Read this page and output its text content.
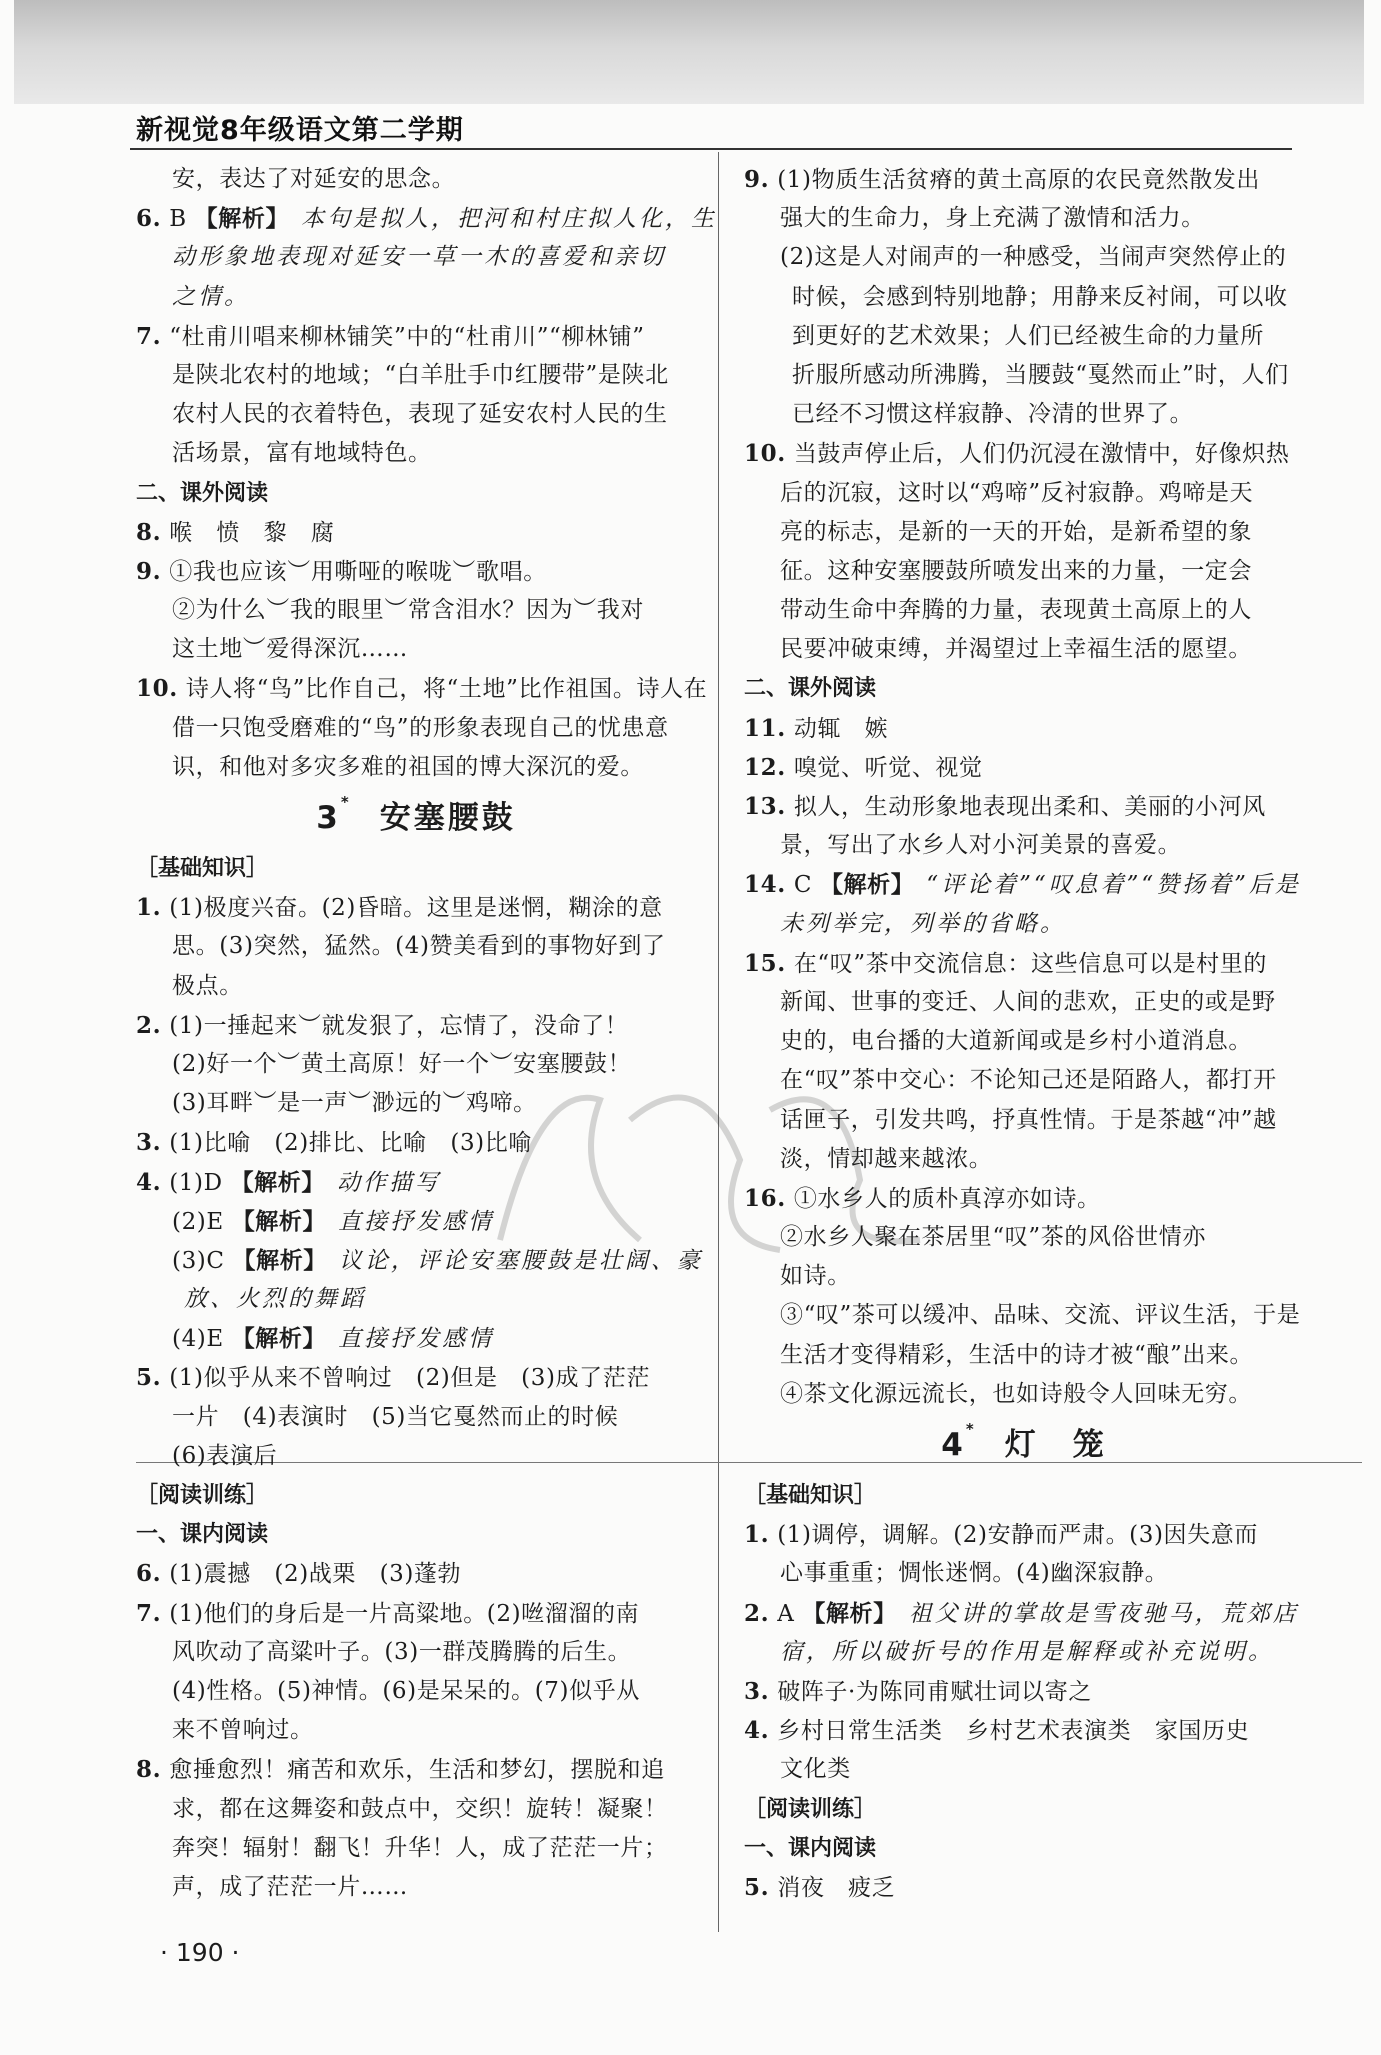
新视觉8年级语文第二学期
安，表达了对延安的思念。
6. B 【解析】 本句是拟人，把河和村庄拟人化，生
动形象地表现对延安一草一木的喜爱和亲切
之情。
7. “杜甫川唱来柳林铺笑”中的“杜甫川”“柳林铺”
是陕北农村的地域；“白羊肚手巾红腰带”是陕北
农村人民的衣着特色，表现了延安农村人民的生
活场景，富有地域特色。
二、课外阅读
8. 喉　愤　黎　腐
9. ①我也应该︶用嘶哑的喉咙︶歌唱。
②为什么︶我的眼里︶常含泪水？因为︶我对
这土地︶爱得深沉……
10. 诗人将“鸟”比作自己，将“土地”比作祖国。诗人在
借一只饱受磨难的“鸟”的形象表现自己的忧患意
识，和他对多灾多难的祖国的博大深沉的爱。
3* 安塞腰鼓
［基础知识］
1. (1)极度兴奋。(2)昏暗。这里是迷惘，糊涂的意
思。(3)突然，猛然。(4)赞美看到的事物好到了
极点。
2. (1)一捶起来︶就发狠了，忘情了，没命了！
(2)好一个︶黄土高原！好一个︶安塞腰鼓！
(3)耳畔︶是一声︶渺远的︶鸡啼。
3. (1)比喻　(2)排比、比喻　(3)比喻
4. (1)D 【解析】 动作描写
(2)E 【解析】 直接抒发感情
(3)C 【解析】 议论，评论安塞腰鼓是壮阔、豪
放、火烈的舞蹈
(4)E 【解析】 直接抒发感情
5. (1)似乎从来不曾响过　(2)但是　(3)成了茫茫
一片　(4)表演时　(5)当它戛然而止的时候
(6)表演后
［阅读训练］
一、课内阅读
6. (1)震撼　(2)战栗　(3)蓬勃
7. (1)他们的身后是一片高粱地。(2)咝溜溜的南
风吹动了高粱叶子。(3)一群茂腾腾的后生。
(4)性格。(5)神情。(6)是呆呆的。(7)似乎从
来不曾响过。
8. 愈捶愈烈！痛苦和欢乐，生活和梦幻，摆脱和追
求，都在这舞姿和鼓点中，交织！旋转！凝聚！
奔突！辐射！翻飞！升华！人，成了茫茫一片；
声，成了茫茫一片……
9. (1)物质生活贫瘠的黄土高原的农民竟然散发出
强大的生命力，身上充满了激情和活力。
(2)这是人对闹声的一种感受，当闹声突然停止的
时候，会感到特别地静；用静来反衬闹，可以收
到更好的艺术效果；人们已经被生命的力量所
折服所感动所沸腾，当腰鼓“戛然而止”时，人们
已经不习惯这样寂静、冷清的世界了。
10. 当鼓声停止后，人们仍沉浸在激情中，好像炽热
后的沉寂，这时以“鸡啼”反衬寂静。鸡啼是天
亮的标志，是新的一天的开始，是新希望的象
征。这种安塞腰鼓所喷发出来的力量，一定会
带动生命中奔腾的力量，表现黄土高原上的人
民要冲破束缚，并渴望过上幸福生活的愿望。
二、课外阅读
11. 动辄　嫉
12. 嗅觉、听觉、视觉
13. 拟人，生动形象地表现出柔和、美丽的小河风
景，写出了水乡人对小河美景的喜爱。
14. C 【解析】 “评论着”“叹息着”“赞扬着”后是
未列举完，列举的省略。
15. 在“叹”茶中交流信息：这些信息可以是村里的
新闻、世事的变迁、人间的悲欢，正史的或是野
史的，电台播的大道新闻或是乡村小道消息。
在“叹”茶中交心：不论知己还是陌路人，都打开
话匣子，引发共鸣，抒真性情。于是茶越“冲”越
淡，情却越来越浓。
16. ①水乡人的质朴真淳亦如诗。
②水乡人聚在茶居里“叹”茶的风俗世情亦
如诗。
③“叹”茶可以缓冲、品味、交流、评议生活，于是
生活才变得精彩，生活中的诗才被“酿”出来。
④茶文化源远流长，也如诗般令人回味无穷。
4* 灯　笼
［基础知识］
1. (1)调停，调解。(2)安静而严肃。(3)因失意而
心事重重；惆怅迷惘。(4)幽深寂静。
2. A 【解析】 祖父讲的掌故是雪夜驰马，荒郊店
宿，所以破折号的作用是解释或补充说明。
3. 破阵子·为陈同甫赋壮词以寄之
4. 乡村日常生活类　乡村艺术表演类　家国历史
文化类
［阅读训练］
一、课内阅读
5. 消夜　疲乏
· 190 ·
